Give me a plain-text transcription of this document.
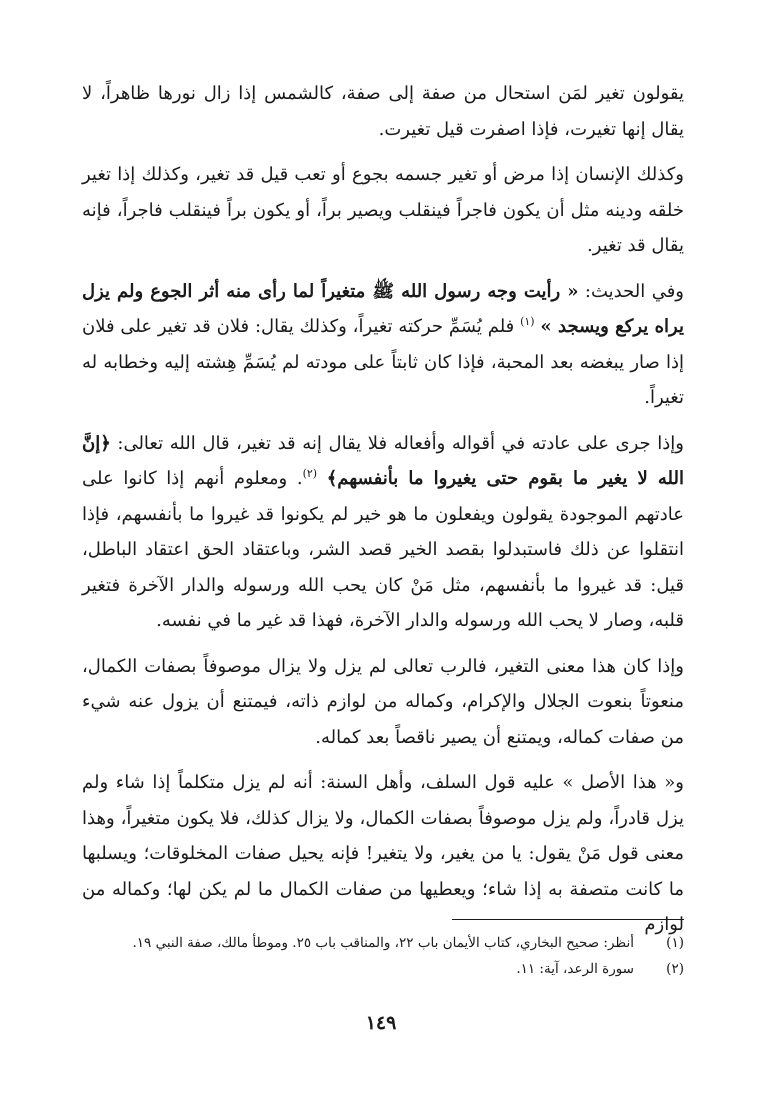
يقولون تغير لمَن استحال من صفة إلى صفة، كالشمس إذا زال نورها ظاهراً، لا يقال إنها تغيرت، فإذا اصفرت قيل تغيرت.

وكذلك الإنسان إذا مرض أو تغير جسمه بجوع أو تعب قيل قد تغير، وكذلك إذا تغير خلقه ودينه مثل أن يكون فاجراً فينقلب ويصير براً، أو يكون براً فينقلب فاجراً، فإنه يقال قد تغير.

وفي الحديث: « رأيت وجه رسول الله ﷺ متغيراً لما رأى منه أثر الجوع ولم يزل يراه يركع ويسجد » $^{(١)}$ فلم يُسَمِّ حركته تغيراً، وكذلك يقال: فلان قد تغير على فلان إذا صار يبغضه بعد المحبة، فإذا كان ثابتاً على مودته لم يُسَمِّ هِشته إليه وخطابه له تغيراً.

وإذا جرى على عادته في أقواله وأفعاله فلا يقال إنه قد تغير، قال الله تعالى: ﴿إنَّ الله لا يغير ما بقوم حتى يغيروا ما بأنفسهم﴾ $^{(٢)}$. ومعلوم أنهم إذا كانوا على عادتهم الموجودة يقولون ويفعلون ما هو خير لم يكونوا قد غيروا ما بأنفسهم، فإذا انتقلوا عن ذلك فاستبدلوا بقصد الخير قصد الشر، وباعتقاد الحق اعتقاد الباطل، قيل: قد غيروا ما بأنفسهم، مثل مَنْ كان يحب الله ورسوله والدار الآخرة فتغير قلبه، وصار لا يحب الله ورسوله والدار الآخرة، فهذا قد غير ما في نفسه.

وإذا كان هذا معنى التغير، فالرب تعالى لم يزل ولا يزال موصوفاً بصفات الكمال، منعوتاً بنعوت الجلال والإكرام، وكماله من لوازم ذاته، فيمتنع أن يزول عنه شيء من صفات كماله، ويمتنع أن يصير ناقصاً بعد كماله.

و« هذا الأصل » عليه قول السلف، وأهل السنة: أنه لم يزل متكلماً إذا شاء ولم يزل قادراً، ولم يزل موصوفاً بصفات الكمال، ولا يزال كذلك، فلا يكون متغيراً، وهذا معنى قول مَنْ يقول: يا من يغير، ولا يتغير! فإنه يحيل صفات المخلوقات؛ ويسلبها ما كانت متصفة به إذا شاء؛ ويعطيها من صفات الكمال ما لم يكن لها؛ وكماله من لوازم

(١)
أنظر: صحيح البخاري، كتاب الأيمان باب ٢٢، والمناقب باب ٢٥. وموطأ مالك، صفة النبي ١٩.
(٢)
سورة الرعد، آية: ١١.
١٤٩
